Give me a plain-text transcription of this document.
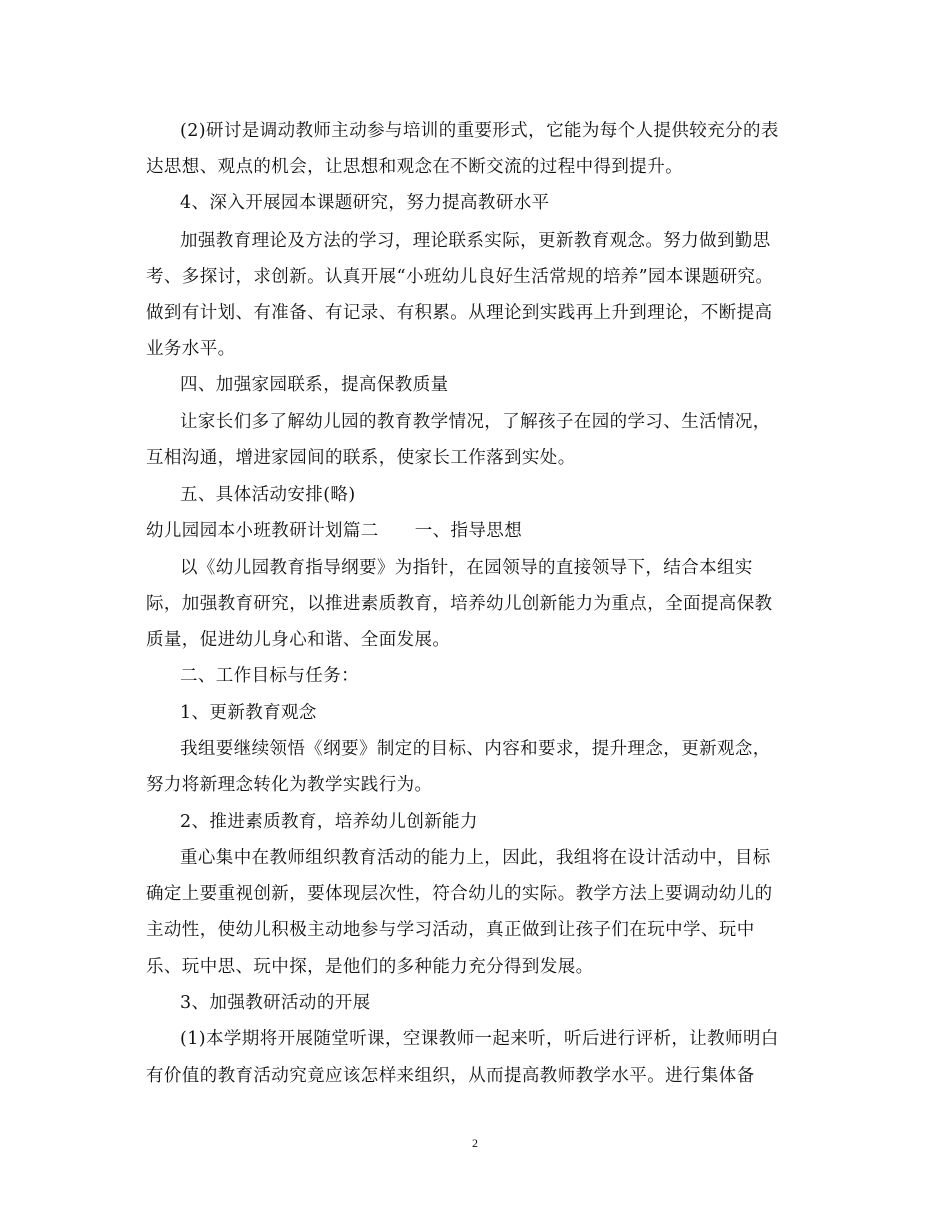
(2)研讨是调动教师主动参与培训的重要形式，它能为每个人提供较充分的表
达思想、观点的机会，让思想和观念在不断交流的过程中得到提升。
4、深入开展园本课题研究，努力提高教研水平
加强教育理论及方法的学习，理论联系实际，更新教育观念。努力做到勤思
考、多探讨，求创新。认真开展“小班幼儿良好生活常规的培养”园本课题研究。
做到有计划、有准备、有记录、有积累。从理论到实践再上升到理论，不断提高
业务水平。
四、加强家园联系，提高保教质量
让家长们多了解幼儿园的教育教学情况，了解孩子在园的学习、生活情况，
互相沟通，增进家园间的联系，使家长工作落到实处。
五、具体活动安排(略)
幼儿园园本小班教研计划篇二 一、指导思想
以《幼儿园教育指导纲要》为指针，在园领导的直接领导下，结合本组实
际，加强教育研究，以推进素质教育，培养幼儿创新能力为重点，全面提高保教
质量，促进幼儿身心和谐、全面发展。
二、工作目标与任务：
1、更新教育观念
我组要继续领悟《纲要》制定的目标、内容和要求，提升理念，更新观念，
努力将新理念转化为教学实践行为。
2、推进素质教育，培养幼儿创新能力
重心集中在教师组织教育活动的能力上，因此，我组将在设计活动中，目标
确定上要重视创新，要体现层次性，符合幼儿的实际。教学方法上要调动幼儿的
主动性，使幼儿积极主动地参与学习活动，真正做到让孩子们在玩中学、玩中
乐、玩中思、玩中探，是他们的多种能力充分得到发展。
3、加强教研活动的开展
(1)本学期将开展随堂听课，空课教师一起来听，听后进行评析，让教师明白
有价值的教育活动究竟应该怎样来组织，从而提高教师教学水平。进行集体备
2
